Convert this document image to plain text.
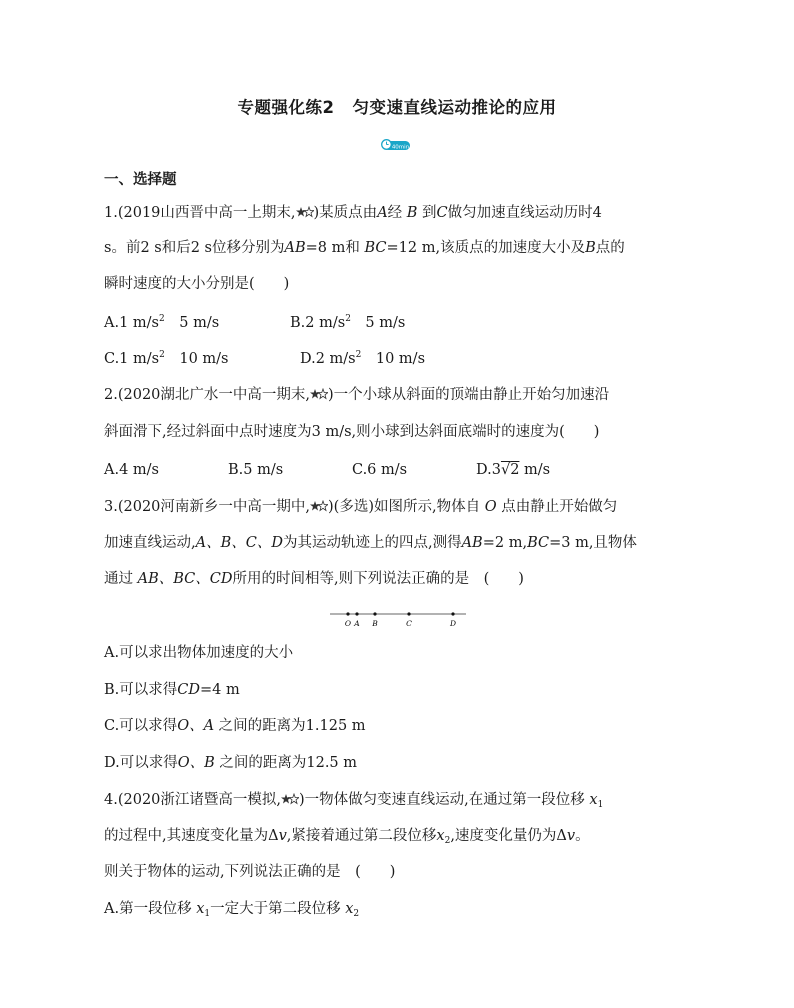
专题强化练2 匀变速直线运动推论的应用
40min
一、选择题
1.(2019山西晋中高一上期末, )某质点由A经 B 到C做匀加速直线运动历时4
s。前2 s和后2 s位移分别为AB=8 m和 BC=12 m,该质点的加速度大小及B点的
瞬时速度的大小分别是(　　)
A.1 $m/s^2$　5 m/s	B.2 $m/s^2$　5 m/s
C.1 $m/s^2$　10 m/s	D.2 $m/s^2$　10 m/s
2.(2020湖北广水一中高一期末, )一个小球从斜面的顶端由静止开始匀加速沿
斜面滑下,经过斜面中点时速度为3 m/s,则小球到达斜面底端时的速度为(　　)
A.4 m/s	B.5 m/s	C.6 m/s	D.3√2 m/s
3.(2020河南新乡一中高一期中, )(多选)如图所示,物体自 O 点由静止开始做匀
加速直线运动,A、B、C、D为其运动轨迹上的四点,测得AB=2 m,BC=3 m,且物体
通过 AB、BC、CD所用的时间相等,则下列说法正确的是　(　　)
O A B	C	D
A.可以求出物体加速度的大小
B.可以求得CD=4 m
C.可以求得O、A 之间的距离为1.125 m
D.可以求得O、B 之间的距离为12.5 m
4.(2020浙江诸暨高一模拟, )一物体做匀变速直线运动,在通过第一段位移 $x_1$
的过程中,其速度变化量为Δv,紧接着通过第二段位移$x_2$,速度变化量仍为Δv。
则关于物体的运动,下列说法正确的是　(　　)
A.第一段位移 $x_1$一定大于第二段位移 $x_2$
